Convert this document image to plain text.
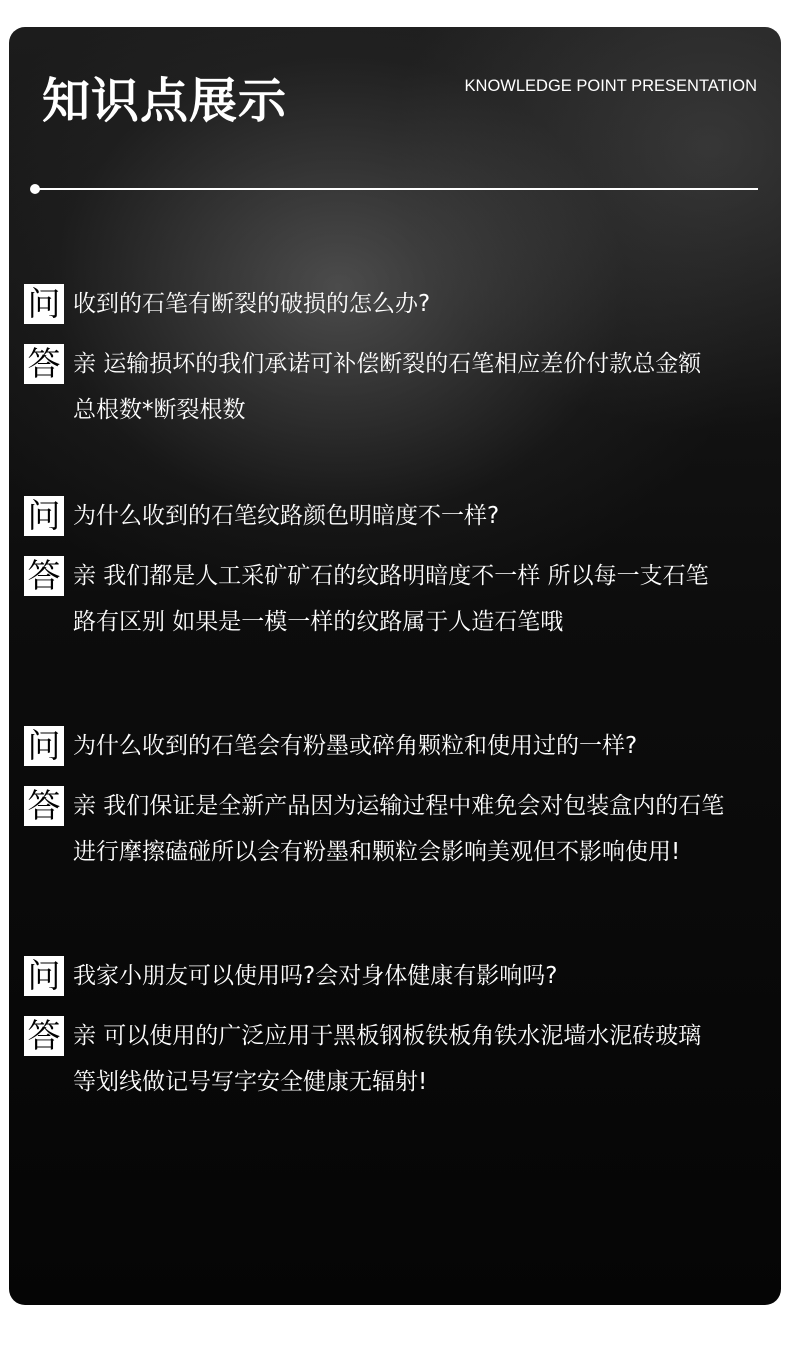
知识点展示	KNOWLEDGE POINT PRESENTATION
问 收到的石笔有断裂的破损的怎么办?
答 亲 运输损坏的我们承诺可补偿断裂的石笔相应差价付款总金额
总根数*断裂根数
问 为什么收到的石笔纹路颜色明暗度不一样?
答 亲 我们都是人工采矿矿石的纹路明暗度不一样 所以每一支石笔
路有区别 如果是一模一样的纹路属于人造石笔哦
问 为什么收到的石笔会有粉墨或碎角颗粒和使用过的一样?
答 亲 我们保证是全新产品因为运输过程中难免会对包装盒内的石笔
进行摩擦磕碰所以会有粉墨和颗粒会影响美观但不影响使用!
问 我家小朋友可以使用吗?会对身体健康有影响吗?
答 亲 可以使用的广泛应用于黑板钢板铁板角铁水泥墙水泥砖玻璃
等划线做记号写字安全健康无辐射!
